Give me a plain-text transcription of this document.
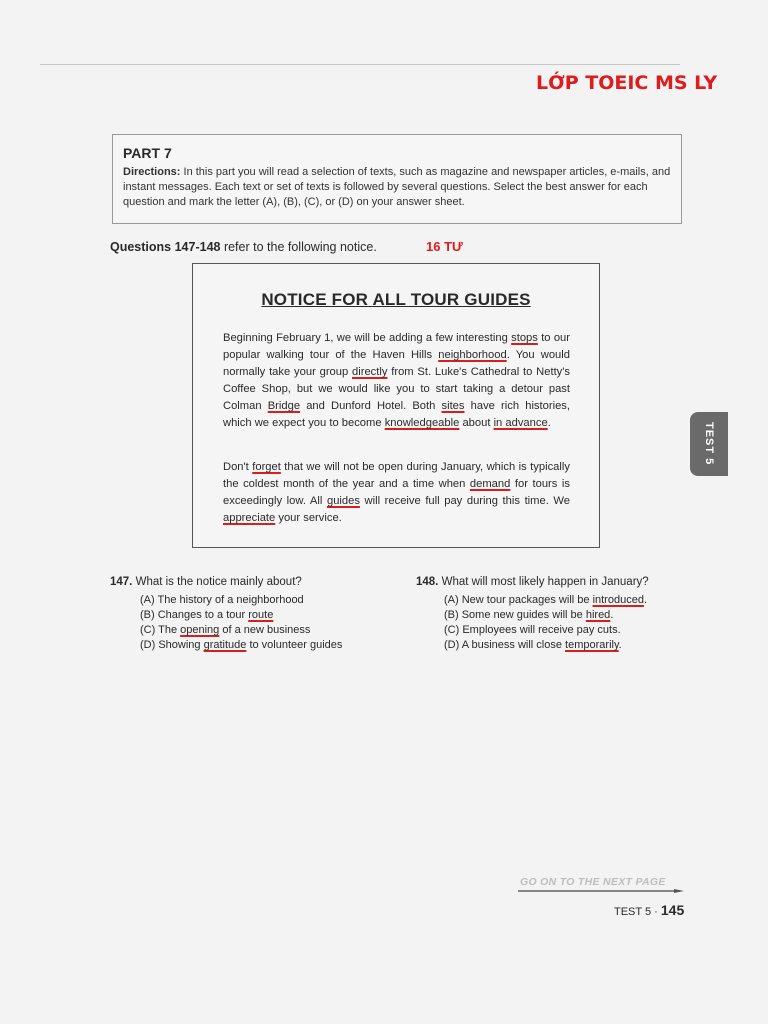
LỚP TOEIC MS LY
PART 7
Directions: In this part you will read a selection of texts, such as magazine and newspaper articles, e-mails, and instant messages. Each text or set of texts is followed by several questions. Select the best answer for each question and mark the letter (A), (B), (C), or (D) on your answer sheet.
Questions 147-148 refer to the following notice.	16 TƯ
NOTICE FOR ALL TOUR GUIDES
Beginning February 1, we will be adding a few interesting stops to our popular walking tour of the Haven Hills neighborhood. You would normally take your group directly from St. Luke's Cathedral to Netty's Coffee Shop, but we would like you to start taking a detour past Colman Bridge and Dunford Hotel. Both sites have rich histories, which we expect you to become knowledgeable about in advance.
Don't forget that we will not be open during January, which is typically the coldest month of the year and a time when demand for tours is exceedingly low. All guides will receive full pay during this time. We appreciate your service.
147. What is the notice mainly about?
(A) The history of a neighborhood
(B) Changes to a tour route
(C) The opening of a new business
(D) Showing gratitude to volunteer guides
148. What will most likely happen in January?
(A) New tour packages will be introduced.
(B) Some new guides will be hired.
(C) Employees will receive pay cuts.
(D) A business will close temporarily.
TEST 5
GO ON TO THE NEXT PAGE
TEST 5 · 145
